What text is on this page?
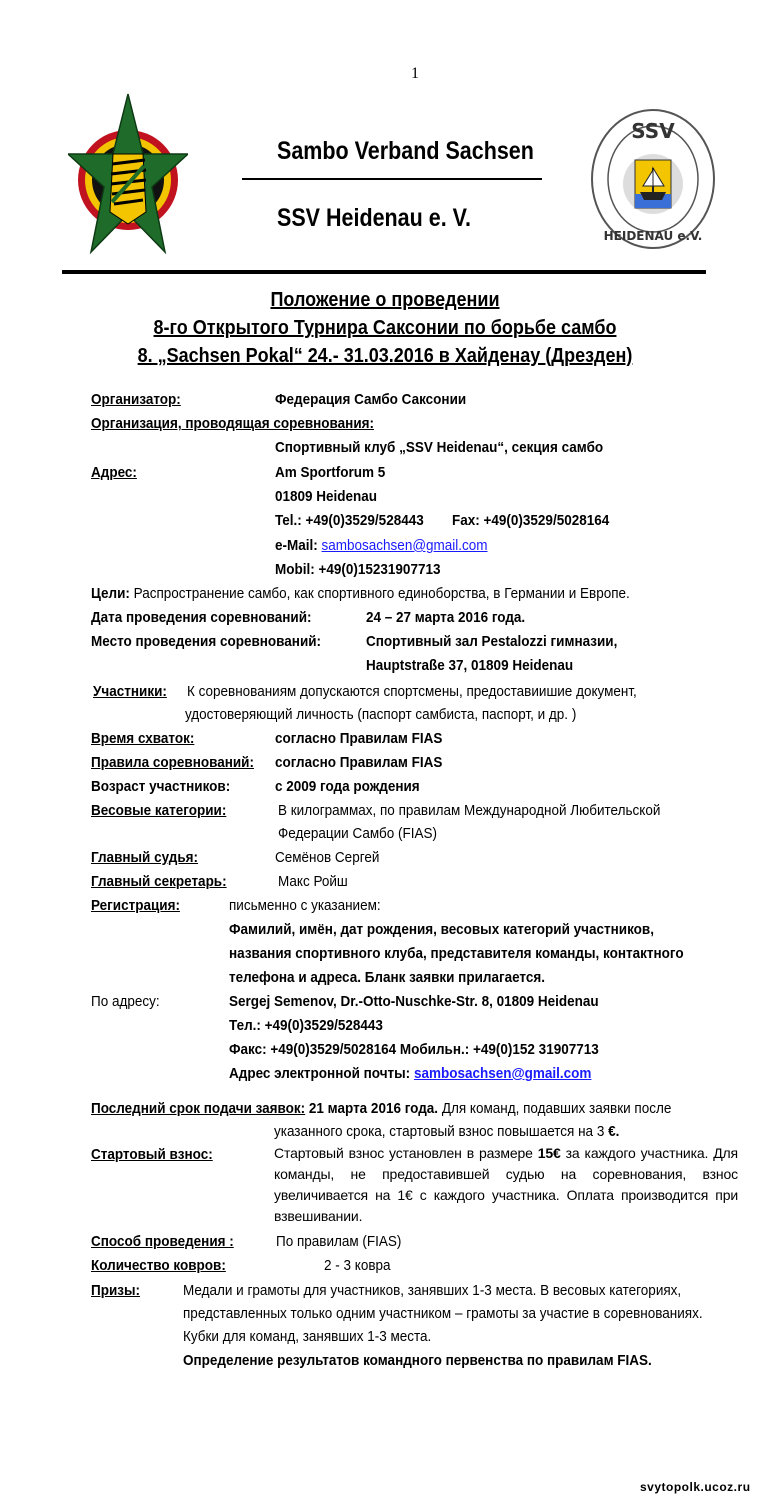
1
SVS
Sambo Verband Sachsen
SSV Heidenau e. V.
SSV
HEIDENAU e.V.
Положение о проведении
8-го Открытого Турнира Саксонии по борьбе самбо
8. „Sachsen Pokal“ 24.- 31.03.2016 в Хайденау (Дрезден)
Организатор:	Федерация Самбо Саксонии
Организация, проводящая соревнования:
Спортивный клуб „SSV Heidenau“, секция самбо
Адрес:	Am Sportforum 5
01809 Heidenau
Tel.: +49(0)3529/528443 Fax: +49(0)3529/5028164
e-Mail: sambosachsen@gmail.com
Mobil: +49(0)15231907713
Цели: Распространение самбо, как спортивного единоборства, в Германии и Европе.
Дата проведения соревнований:	24 – 27 марта 2016 года.
Место проведения соревнований:	Спортивный зал Pestalozzi гимназии,
Hauptstraße 37, 01809 Heidenau
Участники: К соревнованиям допускаются спортсмены, предоставиишие документ,
удостоверяющий личность (паспорт самбиста, паспорт, и др. )
Время схваток:	согласно Правилам FIAS
Правила соревнований: согласно Правилам FIAS
Возраст участников:	с 2009 года рождения
Весовые категории:	В килограммах, по правилам Международной Любительской
Федерации Самбо (FIAS)
Главный судья:	Семёнов Сергей
Главный секретарь:	Макс Ройш
Регистрация:	письменно с указанием:
Фамилий, имён, дат рождения, весовых категорий участников,
названия спортивного клуба, представителя команды, контактного
телефона и адреса. Бланк заявки прилагается.
По адресу:	Sergej Semenov, Dr.-Otto-Nuschke-Str. 8, 01809 Heidenau
Тел.: +49(0)3529/528443
Факс: +49(0)3529/5028164 Мобильн.: +49(0)152 31907713
Адрес электронной почты: sambosachsen@gmail.com
Последний срок подачи заявок: 21 марта 2016 года. Для команд, подавших заявки после
указанного срока, стартовый взнос повышается на 3 €.
Стартовый взнос:	Стартовый взнос установлен в размере 15€ за каждого участника. Для команды, не предоставившей судью на соревнования, взнос увеличивается на 1€ с каждого участника. Оплата производится при взвешивании.
Способ проведения :	По правилам (FIAS)
Количество ковров:	2 - 3 ковра
Призы:	Медали и грамоты для участников, занявших 1-3 места. В весовых категориях,
представленных только одним участником – грамоты за участие в соревнованиях.
Кубки для команд, занявших 1-3 места.
Определение результатов командного первенства по правилам FIAS.
svytopolk.ucoz.ru
